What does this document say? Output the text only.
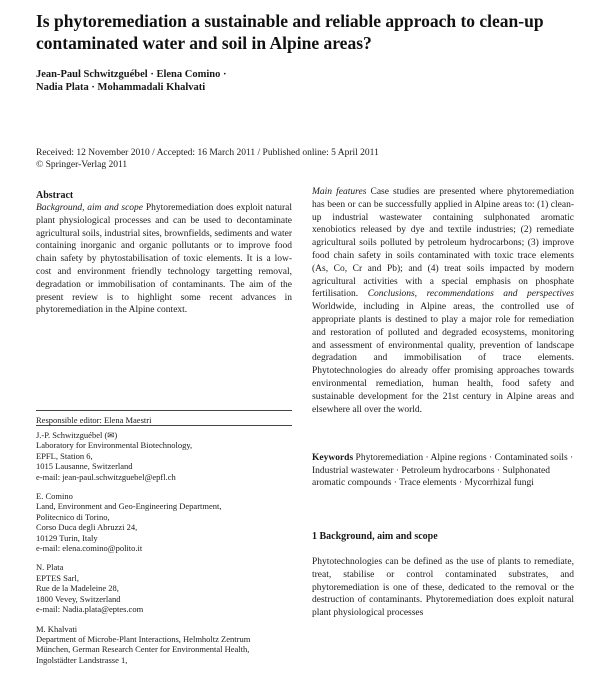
Is phytoremediation a sustainable and reliable approach to clean-up contaminated water and soil in Alpine areas?
Jean-Paul Schwitzguébel · Elena Comino ·
Nadia Plata · Mohammadali Khalvati
Received: 12 November 2010 / Accepted: 16 March 2011 / Published online: 5 April 2011
© Springer-Verlag 2011
Abstract

Background, aim and scope Phytoremediation does exploit natural plant physiological processes and can be used to decontaminate agricultural soils, industrial sites, brownfields, sediments and water containing inorganic and organic pollutants or to improve food chain safety by phytostabilisation of toxic elements. It is a low-cost and environment friendly technology targetting removal, degradation or immobilisation of contaminants. The aim of the present review is to highlight some recent advances in phytoremediation in the Alpine context.

Responsible editor: Elena Maestri
J.-P. Schwitzguébel (✉)
Laboratory for Environmental Biotechnology,
EPFL, Station 6,
1015 Lausanne, Switzerland
e-mail: jean-paul.schwitzguebel@epfl.ch
E. Comino
Land, Environment and Geo-Engineering Department,
Politecnico di Torino,
Corso Duca degli Abruzzi 24,
10129 Turin, Italy
e-mail: elena.comino@polito.it
N. Plata
EPTES Sarl,
Rue de la Madeleine 28,
1800 Vevey, Switzerland
e-mail: Nadia.plata@eptes.com
M. Khalvati
Department of Microbe-Plant Interactions, Helmholtz Zentrum
München, German Research Center for Environmental Health,
Ingolstädter Landstrasse 1,

Main features Case studies are presented where phytoremediation has been or can be successfully applied in Alpine areas to: (1) clean-up industrial wastewater containing sulphonated aromatic xenobiotics released by dye and textile industries; (2) remediate agricultural soils polluted by petroleum hydrocarbons; (3) improve food chain safety in soils contaminated with toxic trace elements (As, Co, Cr and Pb); and (4) treat soils impacted by modern agricultural activities with a special emphasis on phosphate fertilisation. Conclusions, recommendations and perspectives Worldwide, including in Alpine areas, the controlled use of appropriate plants is destined to play a major role for remediation and restoration of polluted and degraded ecosystems, monitoring and assessment of environmental quality, prevention of landscape degradation and immobilisation of trace elements. Phytotechnologies do already offer promising approaches towards environmental remediation, human health, food safety and sustainable development for the 21st century in Alpine areas and elsewhere all over the world.

Keywords Phytoremediation · Alpine regions · Contaminated soils · Industrial wastewater · Petroleum hydrocarbons · Sulphonated aromatic compounds · Trace elements · Mycorrhizal fungi
1 Background, aim and scope

Phytotechnologies can be defined as the use of plants to remediate, treat, stabilise or control contaminated substrates, and phytoremediation is one of these, dedicated to the removal or the destruction of contaminants. Phytoremediation does exploit natural plant physiological processes
